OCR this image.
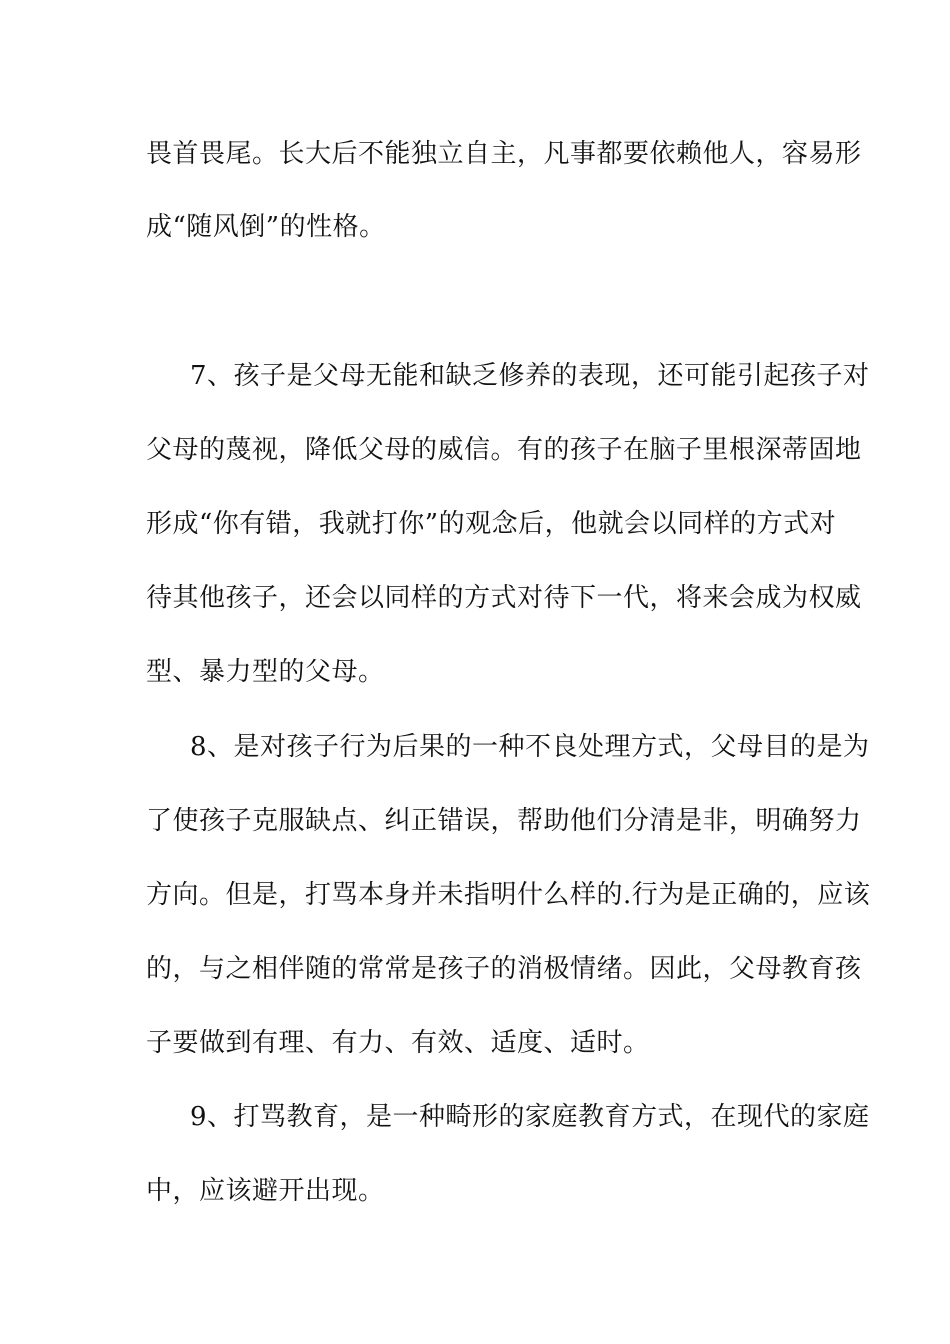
畏首畏尾。长大后不能独立自主，凡事都要依赖他人，容易形
成“随风倒”的性格。
7、孩子是父母无能和缺乏修养的表现，还可能引起孩子对
父母的蔑视，降低父母的威信。有的孩子在脑子里根深蒂固地
形成“你有错，我就打你”的观念后，他就会以同样的方式对
待其他孩子，还会以同样的方式对待下一代，将来会成为权威
型、暴力型的父母。
8、是对孩子行为后果的一种不良处理方式，父母目的是为
了使孩子克服缺点、纠正错误，帮助他们分清是非，明确努力
方向。但是，打骂本身并未指明什么样的.行为是正确的，应该
的，与之相伴随的常常是孩子的消极情绪。因此，父母教育孩
子要做到有理、有力、有效、适度、适时。
9、打骂教育，是一种畸形的家庭教育方式，在现代的家庭
中，应该避开出现。
